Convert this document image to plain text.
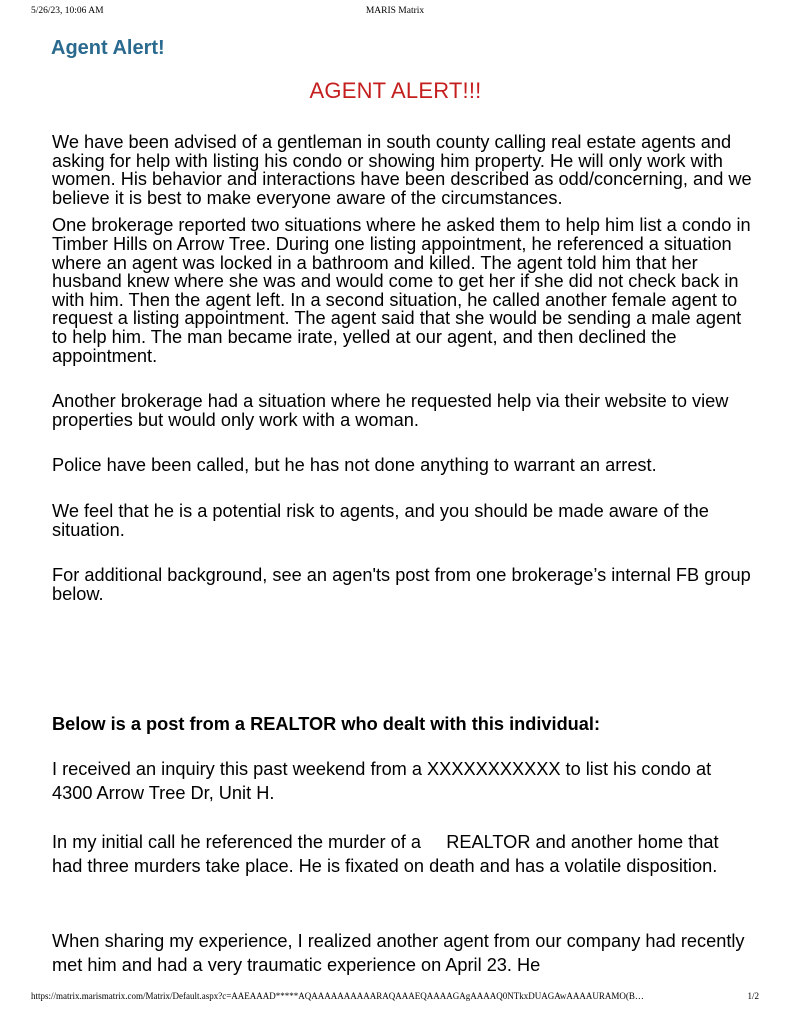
5/26/23, 10:06 AM	MARIS Matrix
Agent Alert!
AGENT ALERT!!!

We have been advised of a gentleman in south county calling real estate agents and asking for help with listing his condo or showing him property. He will only work with women. His behavior and interactions have been described as odd/concerning, and we believe it is best to make everyone aware of the circumstances.

One brokerage reported two situations where he asked them to help him list a condo in Timber Hills on Arrow Tree. During one listing appointment, he referenced a situation where an agent was locked in a bathroom and killed. The agent told him that her husband knew where she was and would come to get her if she did not check back in with him. Then the agent left. In a second situation, he called another female agent to request a listing appointment. The agent said that she would be sending a male agent to help him. The man became irate, yelled at our agent, and then declined the appointment.

Another brokerage had a situation where he requested help via their website to view properties but would only work with a woman.

Police have been called, but he has not done anything to warrant an arrest.

We feel that he is a potential risk to agents, and you should be made aware of the situation.

For additional background, see an agen'ts post from one brokerage’s internal FB group below.

Below is a post from a REALTOR who dealt with this individual:

I received an inquiry this past weekend from a XXXXXXXXXXX to list his condo at 4300 Arrow Tree Dr, Unit H.

In my initial call he referenced the murder of a     REALTOR and another home that had three murders take place. He is fixated on death and has a volatile disposition.

When sharing my experience, I realized another agent from our company had recently met him and had a very traumatic experience on April 23. He

https://matrix.marismatrix.com/Matrix/Default.aspx?c=AAEAAAD*****AQAAAAAAAAAARAQAAAEQAAAAGAgAAAAQ0NTkxDUAGAwAAAAURAMO(B…	1/2
